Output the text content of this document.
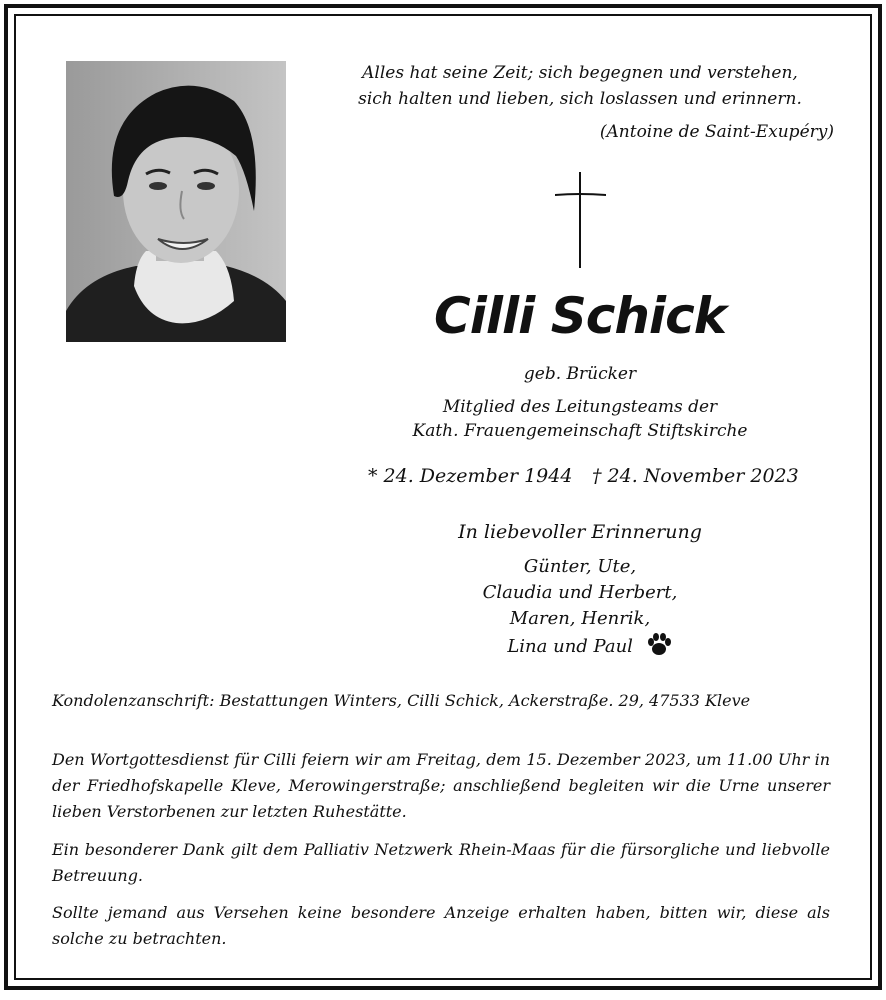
Alles hat seine Zeit; sich begegnen und verstehen,
sich halten und lieben, sich loslassen und erinnern.
(Antoine de Saint-Exupéry)
Cilli Schick
geb. Brücker
Mitglied des Leitungsteams der
Kath. Frauengemeinschaft Stiftskirche
* 24. Dezember 1944 † 24. November 2023
In liebevoller Erinnerung
Günter, Ute,
Claudia und Herbert,
Maren, Henrik,
Lina und Paul
Kondolenzanschrift: Bestattungen Winters, Cilli Schick, Ackerstraße. 29, 47533 Kleve
Den Wortgottesdienst für Cilli feiern wir am Freitag, dem 15. Dezember 2023, um 11.00 Uhr in der Friedhofskapelle Kleve, Merowingerstraße; anschließend begleiten wir die Urne unserer lieben Verstorbenen zur letzten Ruhestätte.
Ein besonderer Dank gilt dem Palliativ Netzwerk Rhein-Maas für die fürsorgliche und liebvolle Betreuung.
Sollte jemand aus Versehen keine besondere Anzeige erhalten haben, bitten wir, diese als solche zu betrachten.
